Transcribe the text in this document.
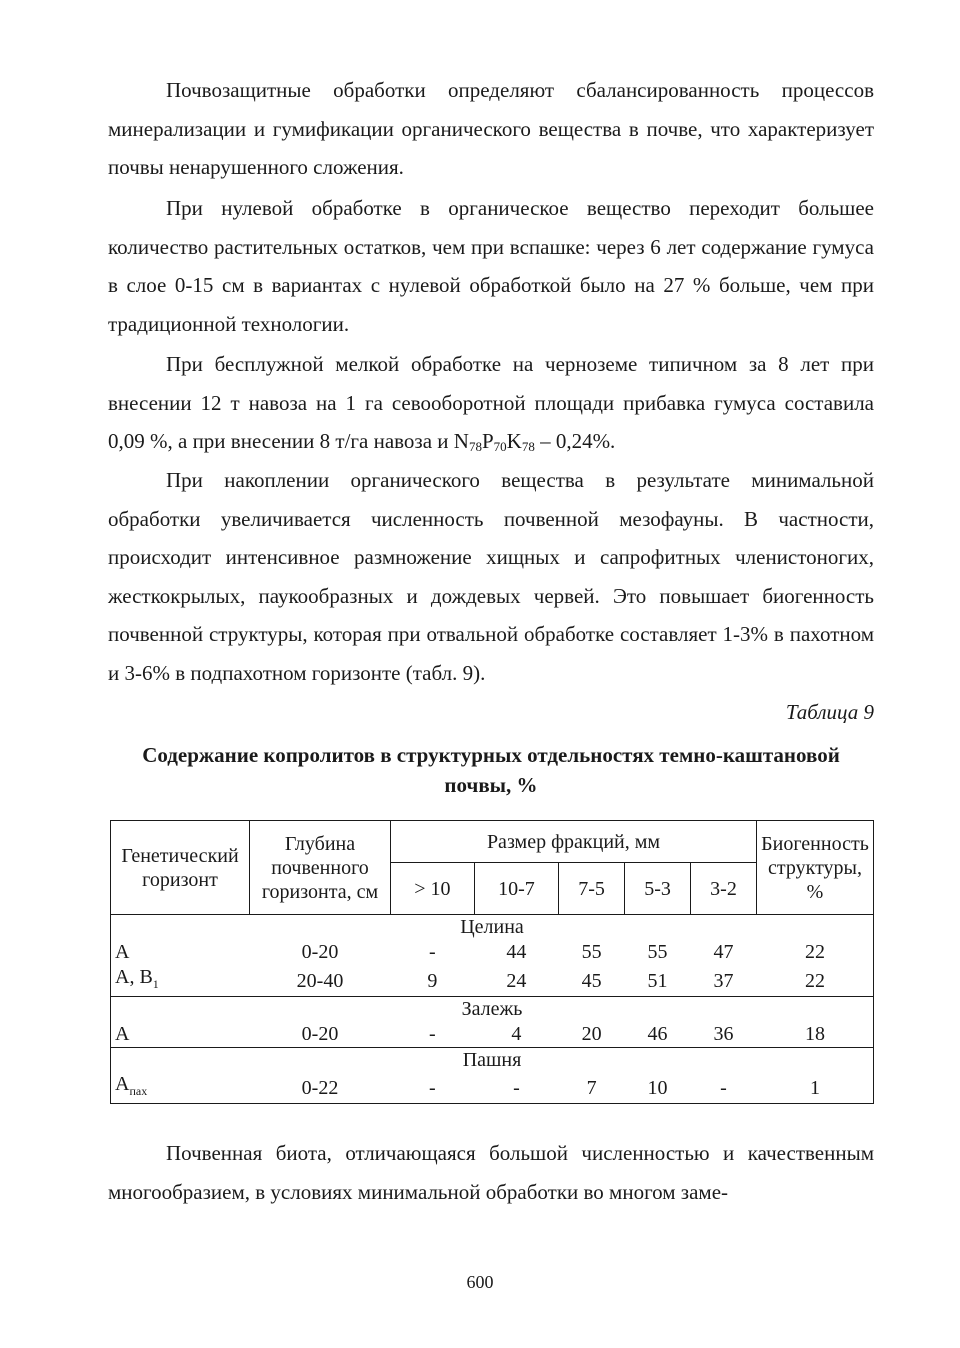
Почвозащитные обработки определяют сбалансированность процессов минерализации и гумификации органического вещества в почве, что характеризует почвы ненарушенного сложения.

При нулевой обработке в органическое вещество переходит большее количество растительных остатков, чем при вспашке: через 6 лет содержание гумуса в слое 0-15 см в вариантах с нулевой обработкой было на 27 % больше, чем при традиционной технологии.

При бесплужной мелкой обработке на черноземе типичном за 8 лет при внесении 12 т навоза на 1 га севооборотной площади прибавка гумуса составила 0,09 %, а при внесении 8 т/га навоза и $N_{78}P_{70}K_{78} - 0,24\%$.

При накоплении органического вещества в результате минимальной обработки увеличивается численность почвенной мезофауны. В частности, происходит интенсивное размножение хищных и сапрофитных членистоногих, жесткокрылых, паукообразных и дождевых червей. Это повышает биогенность почвенной структуры, которая при отвальной обработке составляет 1-3% в пахотном и 3-6% в подпахотном горизонте (табл. 9).

Таблица 9

Содержание копролитов в структурных отдельностях темно-каштановой почвы, %

Генетический горизонт	Глубина почвенного горизонта, см	Размер фракций, мм					Биогенность структуры, %
		> 10	10-7	7-5	5-3	3-2	
Целина							
A	0-20	-	44	55	55	47	22
A, $B_1$	20-40	9	24	45	51	37	22
Залежь							
A	0-20	-	4	20	46	36	18
Пашня							
$A_{пах}$	0-22	-	-	7	10	-	1

Почвенная биота, отличающаяся большой численностью и качественным многообразием, в условиях минимальной обработки во многом заме-

600
